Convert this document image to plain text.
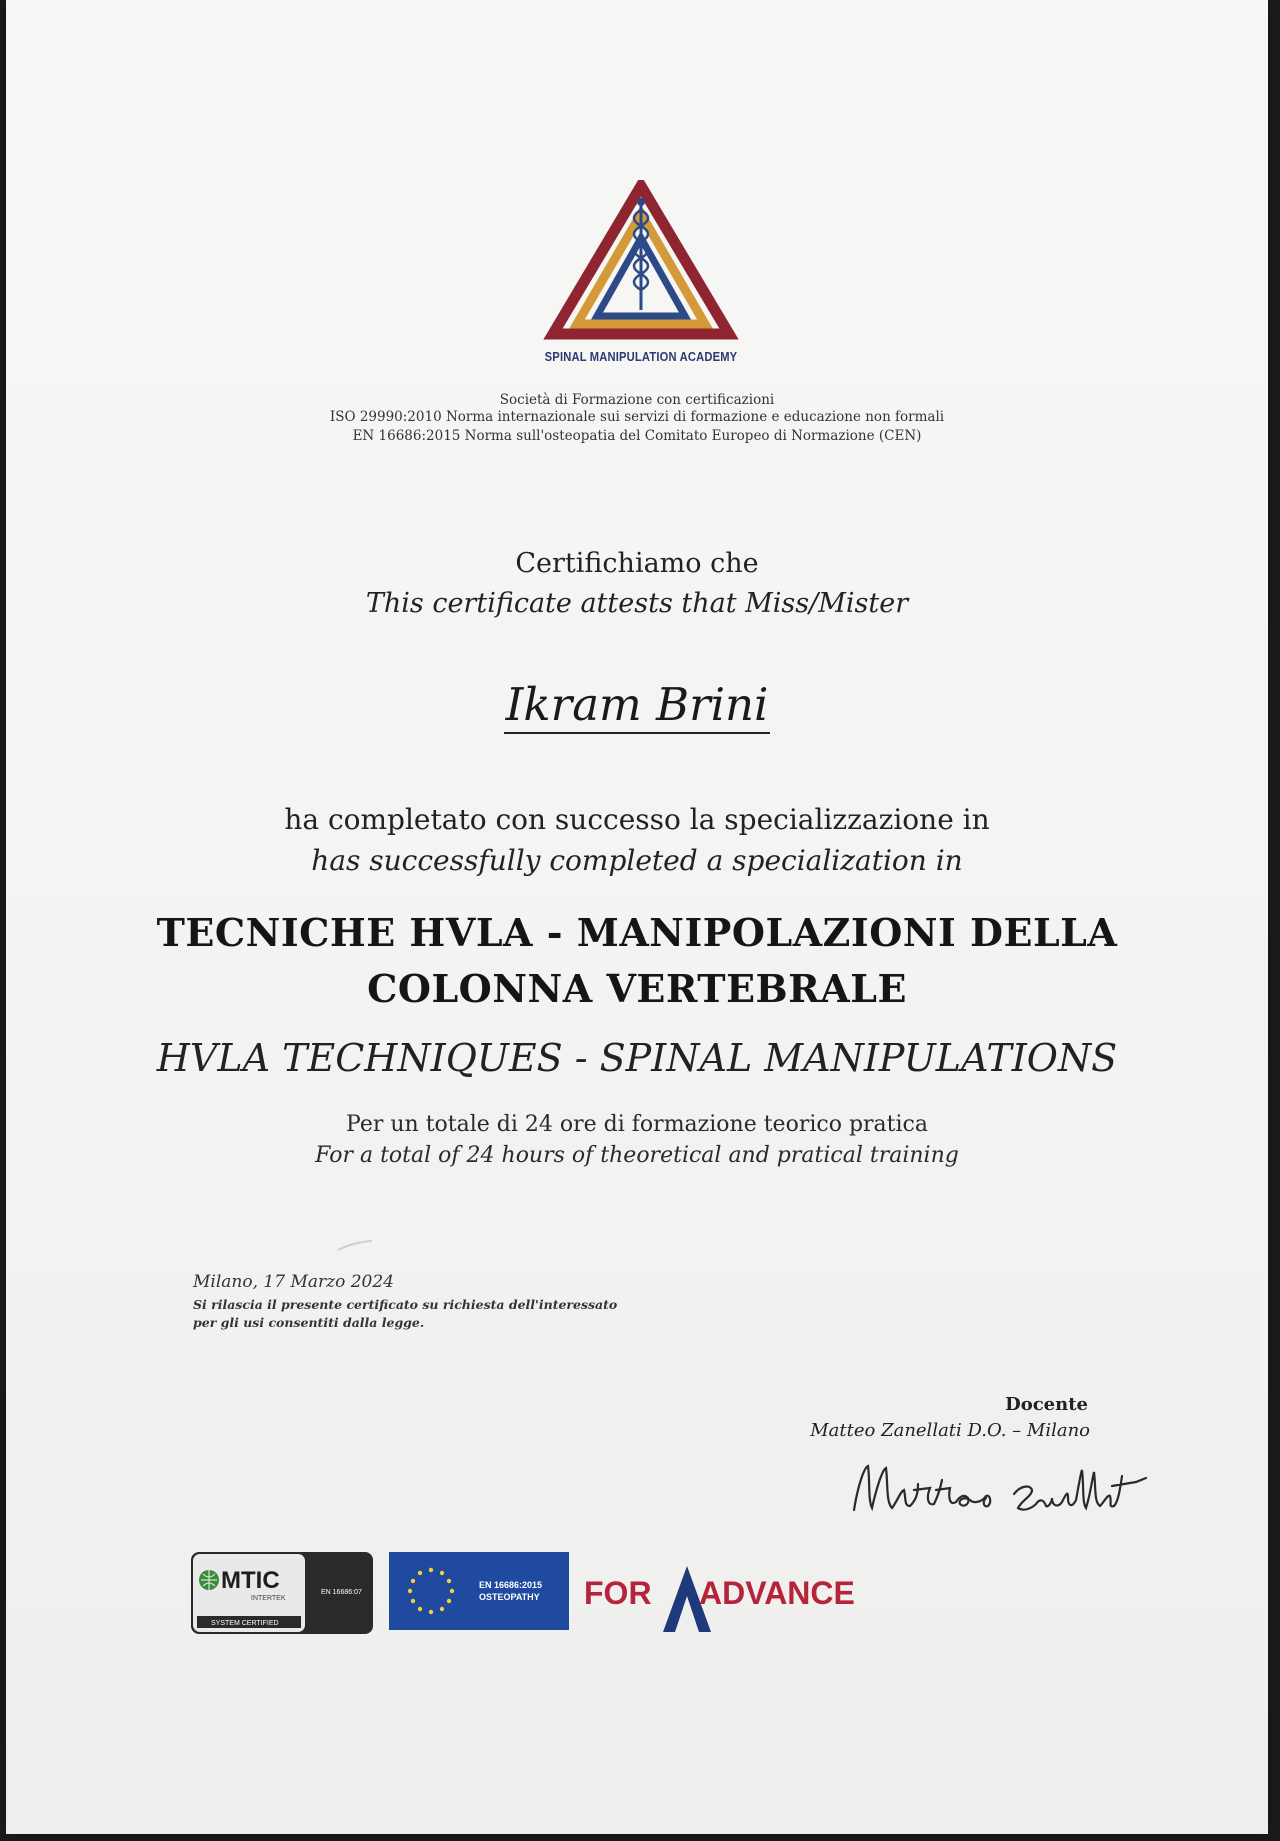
SPINAL MANIPULATION ACADEMY
Società di Formazione con certificazioni
ISO 29990:2010 Norma internazionale sui servizi di formazione e educazione non formali
EN 16686:2015 Norma sull'osteopatia del Comitato Europeo di Normazione (CEN)
Certifichiamo che
This certificate attests that Miss/Mister
Ikram Brini
ha completato con successo la specializzazione in
has successfully completed a specialization in
TECNICHE HVLA - MANIPOLAZIONI DELLA
COLONNA VERTEBRALE
HVLA TECHNIQUES - SPINAL MANIPULATIONS
Per un totale di 24 ore di formazione teorico pratica
For a total of 24 hours of theoretical and pratical training
Milano, 17 Marzo 2024
Si rilascia il presente certificato su richiesta dell'interessato
per gli usi consentiti dalla legge.
Docente
Matteo Zanellati D.O. – Milano
MTIC
INTERTEK
SYSTEM CERTIFIED
EN 16686:07
EN 16686:2015
OSTEOPATHY FOR ADVANCE
